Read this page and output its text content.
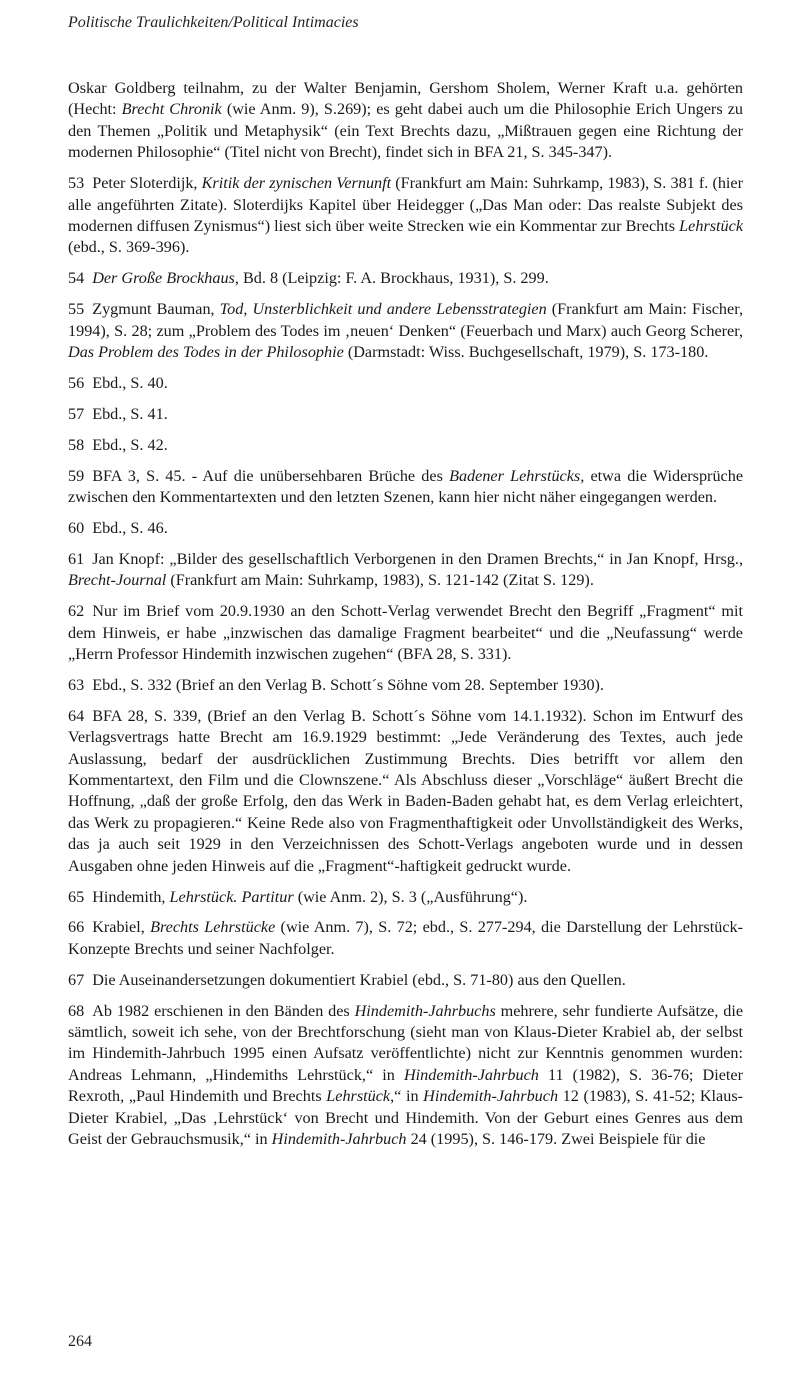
Politische Traulichkeiten/Political Intimacies

Oskar Goldberg teilnahm, zu der Walter Benjamin, Gershom Sholem, Werner Kraft u.a. gehörten (Hecht: Brecht Chronik (wie Anm. 9), S.269); es geht dabei auch um die Philosophie Erich Ungers zu den Themen „Politik und Metaphysik“ (ein Text Brechts dazu, „Mißtrauen gegen eine Richtung der modernen Philosophie“ (Titel nicht von Brecht), findet sich in BFA 21, S. 345-347).

53 Peter Sloterdijk, Kritik der zynischen Vernunft (Frankfurt am Main: Suhrkamp, 1983), S. 381 f. (hier alle angeführten Zitate). Sloterdijks Kapitel über Heidegger („Das Man oder: Das realste Subjekt des modernen diffusen Zynismus“) liest sich über weite Strecken wie ein Kommentar zur Brechts Lehrstück (ebd., S. 369-396).

54 Der Große Brockhaus, Bd. 8 (Leipzig: F. A. Brockhaus, 1931), S. 299.

55 Zygmunt Bauman, Tod, Unsterblichkeit und andere Lebensstrategien (Frankfurt am Main: Fischer, 1994), S. 28; zum „Problem des Todes im ‚neuen‘ Denken“ (Feuerbach und Marx) auch Georg Scherer, Das Problem des Todes in der Philosophie (Darmstadt: Wiss. Buchgesellschaft, 1979), S. 173-180.

56 Ebd., S. 40.

57 Ebd., S. 41.

58 Ebd., S. 42.

59 BFA 3, S. 45. - Auf die unübersehbaren Brüche des Badener Lehrstücks, etwa die Widersprüche zwischen den Kommentartexten und den letzten Szenen, kann hier nicht näher eingegangen werden.

60 Ebd., S. 46.

61 Jan Knopf: „Bilder des gesellschaftlich Verborgenen in den Dramen Brechts,“ in Jan Knopf, Hrsg., Brecht-Journal (Frankfurt am Main: Suhrkamp, 1983), S. 121-142 (Zitat S. 129).

62 Nur im Brief vom 20.9.1930 an den Schott-Verlag verwendet Brecht den Begriff „Fragment“ mit dem Hinweis, er habe „inzwischen das damalige Fragment bearbeitet“ und die „Neufassung“ werde „Herrn Professor Hindemith inzwischen zugehen“ (BFA 28, S. 331).

63 Ebd., S. 332 (Brief an den Verlag B. Schott´s Söhne vom 28. September 1930).

64 BFA 28, S. 339, (Brief an den Verlag B. Schott´s Söhne vom 14.1.1932). Schon im Entwurf des Verlagsvertrags hatte Brecht am 16.9.1929 bestimmt: „Jede Veränderung des Textes, auch jede Auslassung, bedarf der ausdrücklichen Zustimmung Brechts. Dies betrifft vor allem den Kommentartext, den Film und die Clownszene.“ Als Abschluss dieser „Vorschläge“ äußert Brecht die Hoffnung, „daß der große Erfolg, den das Werk in Baden-Baden gehabt hat, es dem Verlag erleichtert, das Werk zu propagieren.“ Keine Rede also von Fragmenthaftigkeit oder Unvollständigkeit des Werks, das ja auch seit 1929 in den Verzeichnissen des Schott-Verlags angeboten wurde und in dessen Ausgaben ohne jeden Hinweis auf die „Fragment“-haftigkeit gedruckt wurde.

65 Hindemith, Lehrstück. Partitur (wie Anm. 2), S. 3 („Ausführung“).

66 Krabiel, Brechts Lehrstücke (wie Anm. 7), S. 72; ebd., S. 277-294, die Darstellung der Lehrstück-Konzepte Brechts und seiner Nachfolger.

67 Die Auseinandersetzungen dokumentiert Krabiel (ebd., S. 71-80) aus den Quellen.

68 Ab 1982 erschienen in den Bänden des Hindemith-Jahrbuchs mehrere, sehr fundierte Aufsätze, die sämtlich, soweit ich sehe, von der Brechtforschung (sieht man von Klaus-Dieter Krabiel ab, der selbst im Hindemith-Jahrbuch 1995 einen Aufsatz veröffentlichte) nicht zur Kenntnis genommen wurden: Andreas Lehmann, „Hindemiths Lehrstück,“ in Hindemith-Jahrbuch 11 (1982), S. 36-76; Dieter Rexroth, „Paul Hindemith und Brechts Lehrstück,“ in Hindemith-Jahrbuch 12 (1983), S. 41-52; Klaus-Dieter Krabiel, „Das ‚Lehrstück‘ von Brecht und Hindemith. Von der Geburt eines Genres aus dem Geist der Gebrauchsmusik,“ in Hindemith-Jahrbuch 24 (1995), S. 146-179. Zwei Beispiele für die

264
